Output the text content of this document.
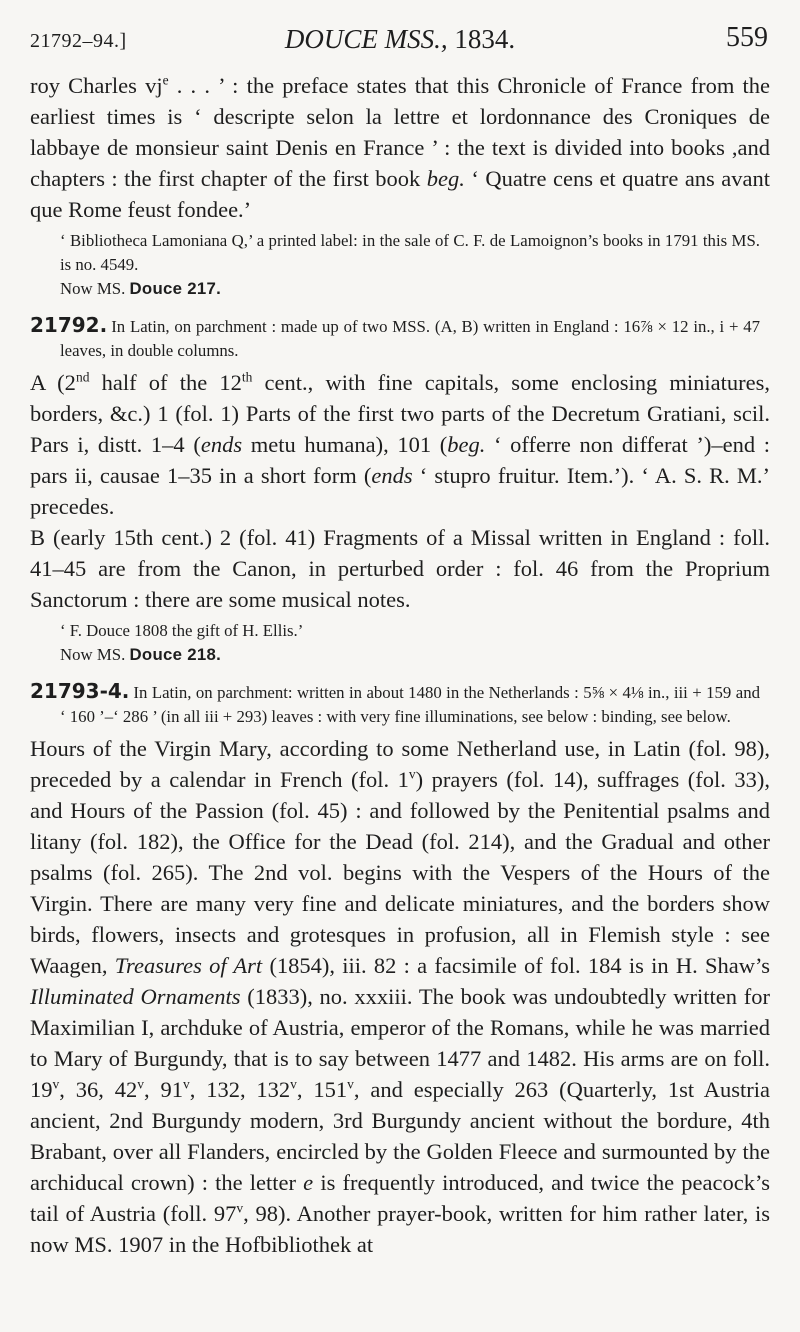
21792–94.]	DOUCE MSS., 1834.	559

roy Charles $vj^e$ . . . ’ : the preface states that this Chronicle of France from the earliest times is ‘ descripte selon la lettre et lordonnance des Croniques de labbaye de monsieur saint Denis en France ’ : the text is divided into books ,and chapters : the first chapter of the first book beg. ‘ Quatre cens et quatre ans avant que Rome feust fondee.’

‘ Bibliotheca Lamoniana Q,’ a printed label: in the sale of C. F. de Lamoignon’s books in 1791 this MS. is no. 4549.

Now MS. Douce 217.

21792. In Latin, on parchment : made up of two MSS. (A, B) written in England : 16⅞ × 12 in., i + 47 leaves, in double columns.

A (2nd half of the 12th cent., with fine capitals, some enclosing miniatures, borders, &c.) 1 (fol. 1) Parts of the first two parts of the Decretum Gratiani, scil. Pars i, distt. 1–4 (ends metu humana), 101 (beg. ‘ offerre non differat ’)–end : pars ii, causae 1–35 in a short form (ends ‘ stupro fruitur. Item.’). ‘ A. S. R. M.’ precedes.

B (early 15th cent.) 2 (fol. 41) Fragments of a Missal written in England : foll. 41–45 are from the Canon, in perturbed order : fol. 46 from the Proprium Sanctorum : there are some musical notes.

‘ F. Douce 1808 the gift of H. Ellis.’

Now MS. Douce 218.

21793-4. In Latin, on parchment: written in about 1480 in the Netherlands : 5⅝ × 4⅛ in., iii + 159 and ‘ 160 ’–‘ 286 ’ (in all iii + 293) leaves : with very fine illuminations, see below : binding, see below.

Hours of the Virgin Mary, according to some Netherland use, in Latin (fol. 98), preceded by a calendar in French (fol. 1$^v$) prayers (fol. 14), suffrages (fol. 33), and Hours of the Passion (fol. 45) : and followed by the Penitential psalms and litany (fol. 182), the Office for the Dead (fol. 214), and the Gradual and other psalms (fol. 265). The 2nd vol. begins with the Vespers of the Hours of the Virgin. There are many very fine and delicate miniatures, and the borders show birds, flowers, insects and grotesques in profusion, all in Flemish style : see Waagen, Treasures of Art (1854), iii. 82 : a facsimile of fol. 184 is in H. Shaw’s Illuminated Ornaments (1833), no. xxxiii. The book was undoubtedly written for Maximilian I, archduke of Austria, emperor of the Romans, while he was married to Mary of Burgundy, that is to say between 1477 and 1482. His arms are on foll. 19$^v$, 36, 42$^v$, 91$^v$, 132, 132$^v$, 151$^v$, and especially 263 (Quarterly, 1st Austria ancient, 2nd Burgundy modern, 3rd Burgundy ancient without the bordure, 4th Brabant, over all Flanders, encircled by the Golden Fleece and surmounted by the archiducal crown) : the letter e is frequently introduced, and twice the peacock’s tail of Austria (foll. 97$^v$, 98). Another prayer-book, written for him rather later, is now MS. 1907 in the Hofbibliothek at
